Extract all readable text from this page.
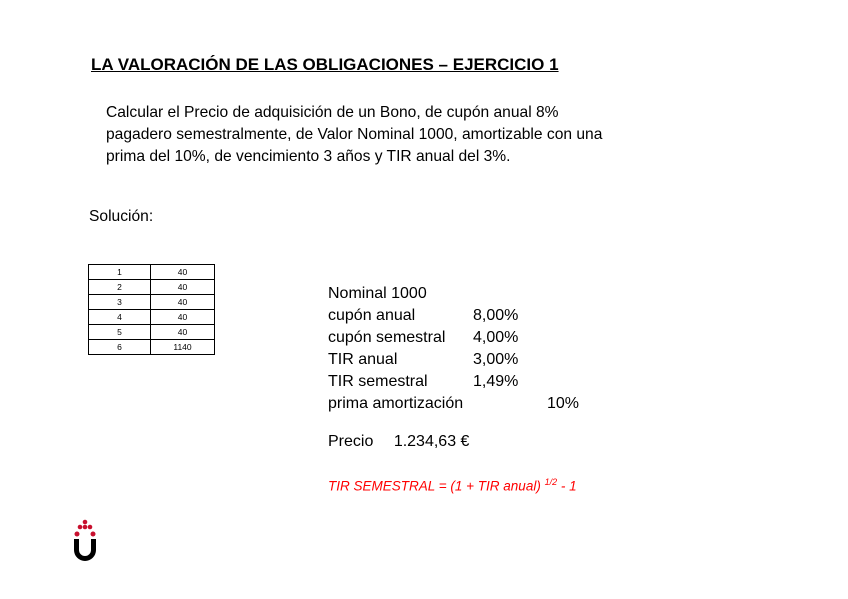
LA VALORACIÓN DE LAS OBLIGACIONES – EJERCICIO 1
Calcular el Precio de adquisición de un Bono, de cupón anual 8%
pagadero semestralmente, de Valor Nominal 1000, amortizable con una
prima del 10%, de vencimiento 3 años y TIR anual del 3%.
Solución:
1	40
2	40
3	40
4	40
5	40
6	1140
Nominal 1000
cupón anual	8,00%
cupón semestral 4,00%
TIR anual	3,00%
TIR semestral	1,49%
prima amortización	10%
Precio 1.234,63 €
TIR SEMESTRAL = (1 + TIR anual) $^{1/2}$ - 1
